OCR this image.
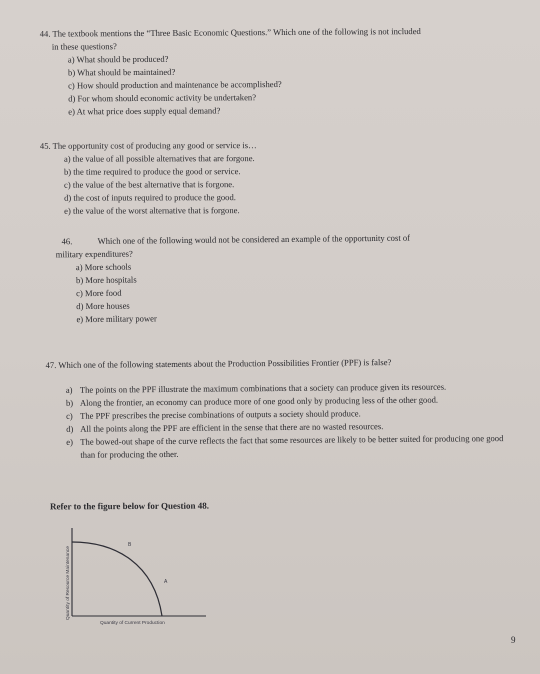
44. The textbook mentions the “Three Basic Economic Questions.” Which one of the following is not included
in these questions?
a) What should be produced?
b) What should be maintained?
c) How should production and maintenance be accomplished?
d) For whom should economic activity be undertaken?
e) At what price does supply equal demand?
45. The opportunity cost of producing any good or service is…
a) the value of all possible alternatives that are forgone.
b) the time required to produce the good or service.
c) the value of the best alternative that is forgone.
d) the cost of inputs required to produce the good.
e) the value of the worst alternative that is forgone.
46.	Which one of the following would not be considered an example of the opportunity cost of
military expenditures?
a) More schools
b) More hospitals
c) More food
d) More houses
e) More military power
47. Which one of the following statements about the Production Possibilities Frontier (PPF) is false?
a) The points on the PPF illustrate the maximum combinations that a society can produce given its resources.
b) Along the frontier, an economy can produce more of one good only by producing less of the other good.
c) The PPF prescribes the precise combinations of outputs a society should produce.
d) All the points along the PPF are efficient in the sense that there are no wasted resources.
e) The bowed-out shape of the curve reflects the fact that some resources are likely to be better suited for producing one good than for producing the other.
Refer to the figure below for Question 48.
B
A
Quantity of Resource Maintenance
Quantity of Current Production
9
